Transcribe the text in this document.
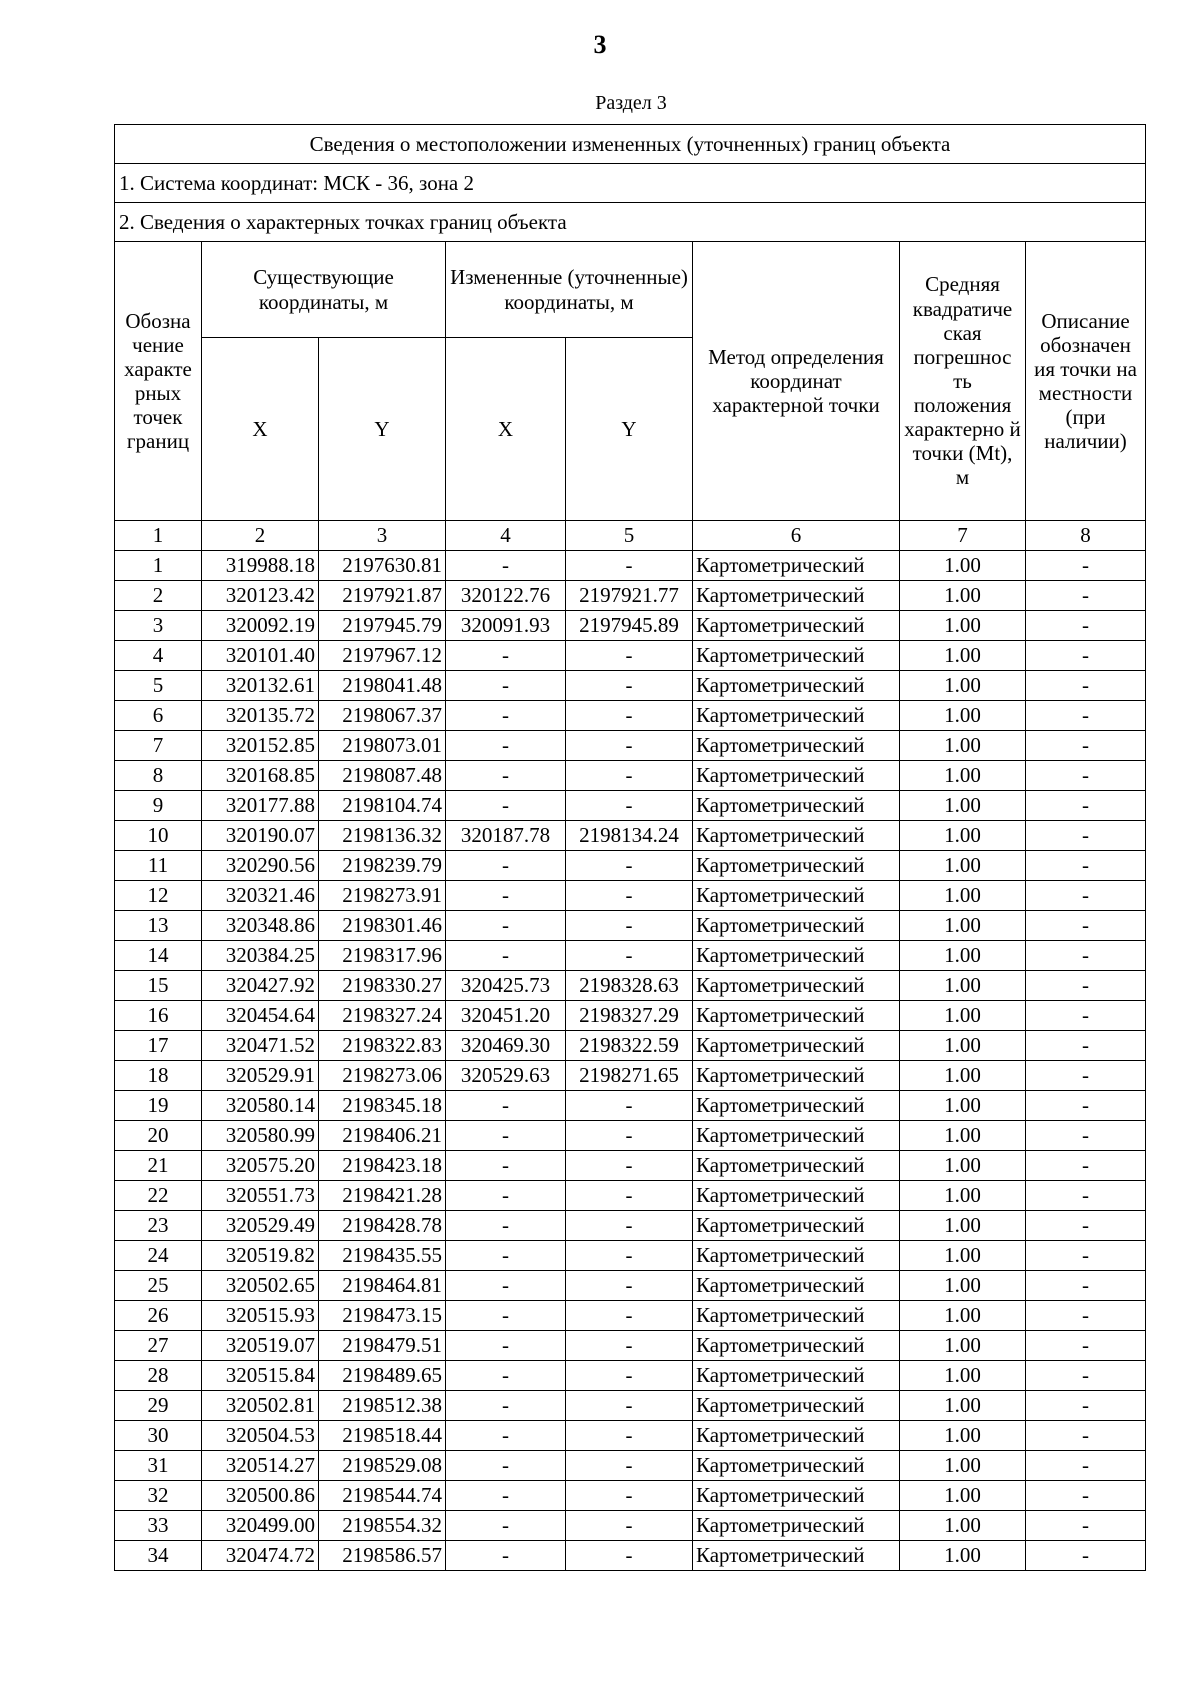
3
Раздел 3
Сведения о местоположении измененных (уточненных) границ объекта							
1. Система координат: МСК - 36, зона 2							
2. Сведения о характерных точках границ объекта							
Обозна чение характе рных точек границ	Существующие координаты, м		Измененные (уточненные) координаты, м		Метод определения координат характерной точки	Средняя квадратиче ская погрешнос ть положения характерно й точки (Mt), м	Описание обозначен ия точки на местности (при наличии)
	X	Y	X	Y			
1	2	3	4	5	6	7	8
1	319988.18	2197630.81	-	-	Картометрический	1.00	-
2	320123.42	2197921.87	320122.76	2197921.77	Картометрический	1.00	-
3	320092.19	2197945.79	320091.93	2197945.89	Картометрический	1.00	-
4	320101.40	2197967.12	-	-	Картометрический	1.00	-
5	320132.61	2198041.48	-	-	Картометрический	1.00	-
6	320135.72	2198067.37	-	-	Картометрический	1.00	-
7	320152.85	2198073.01	-	-	Картометрический	1.00	-
8	320168.85	2198087.48	-	-	Картометрический	1.00	-
9	320177.88	2198104.74	-	-	Картометрический	1.00	-
10	320190.07	2198136.32	320187.78	2198134.24	Картометрический	1.00	-
11	320290.56	2198239.79	-	-	Картометрический	1.00	-
12	320321.46	2198273.91	-	-	Картометрический	1.00	-
13	320348.86	2198301.46	-	-	Картометрический	1.00	-
14	320384.25	2198317.96	-	-	Картометрический	1.00	-
15	320427.92	2198330.27	320425.73	2198328.63	Картометрический	1.00	-
16	320454.64	2198327.24	320451.20	2198327.29	Картометрический	1.00	-
17	320471.52	2198322.83	320469.30	2198322.59	Картометрический	1.00	-
18	320529.91	2198273.06	320529.63	2198271.65	Картометрический	1.00	-
19	320580.14	2198345.18	-	-	Картометрический	1.00	-
20	320580.99	2198406.21	-	-	Картометрический	1.00	-
21	320575.20	2198423.18	-	-	Картометрический	1.00	-
22	320551.73	2198421.28	-	-	Картометрический	1.00	-
23	320529.49	2198428.78	-	-	Картометрический	1.00	-
24	320519.82	2198435.55	-	-	Картометрический	1.00	-
25	320502.65	2198464.81	-	-	Картометрический	1.00	-
26	320515.93	2198473.15	-	-	Картометрический	1.00	-
27	320519.07	2198479.51	-	-	Картометрический	1.00	-
28	320515.84	2198489.65	-	-	Картометрический	1.00	-
29	320502.81	2198512.38	-	-	Картометрический	1.00	-
30	320504.53	2198518.44	-	-	Картометрический	1.00	-
31	320514.27	2198529.08	-	-	Картометрический	1.00	-
32	320500.86	2198544.74	-	-	Картометрический	1.00	-
33	320499.00	2198554.32	-	-	Картометрический	1.00	-
34	320474.72	2198586.57	-	-	Картометрический	1.00	-
